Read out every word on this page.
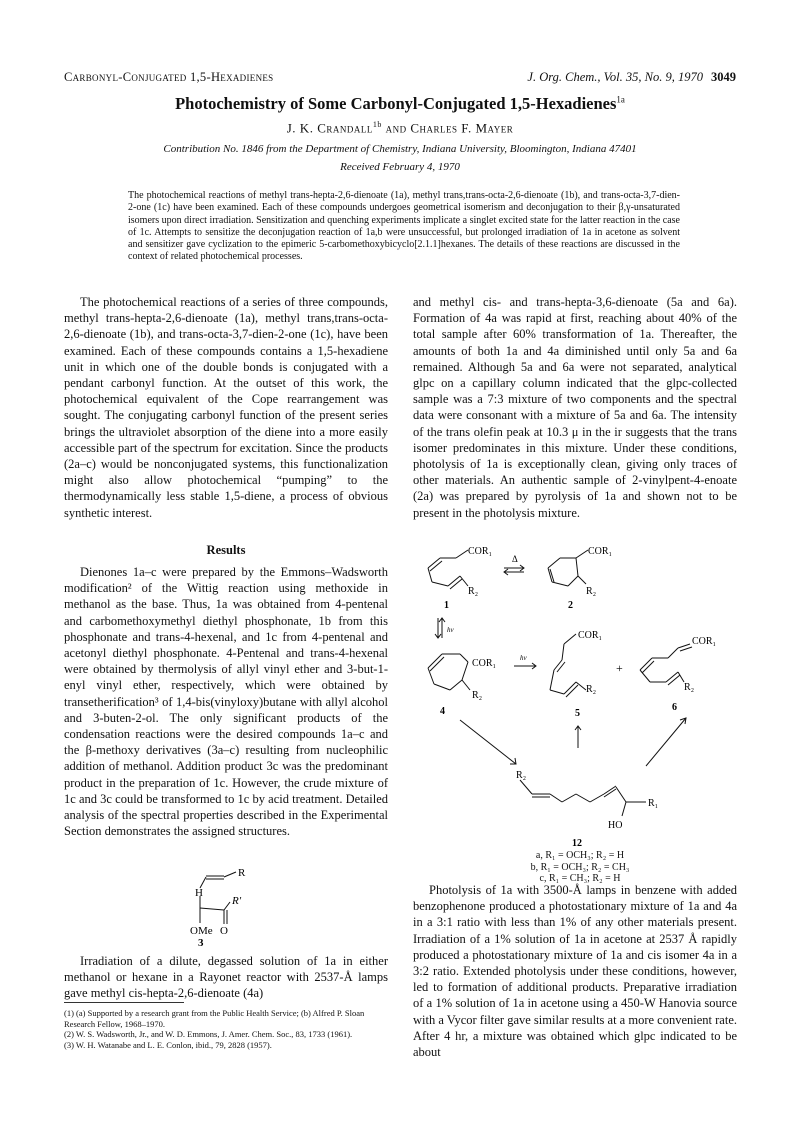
Carbonyl-Conjugated 1,5-Hexadienes	J. Org. Chem., Vol. 35, No. 9, 1970 3049
Photochemistry of Some Carbonyl-Conjugated 1,5-Hexadienes$^{1a}$
J. K. Crandall$^{1b}$ and Charles F. Mayer
Contribution No. 1846 from the Department of Chemistry, Indiana University, Bloomington, Indiana 47401
Received February 4, 1970
The photochemical reactions of methyl trans-hepta-2,6-dienoate (1a), methyl trans,trans-octa-2,6-dienoate (1b), and trans-octa-3,7-dien-2-one (1c) have been examined. Each of these compounds undergoes geometrical isomerism and deconjugation to their β,γ-unsaturated isomers upon direct irradiation. Sensitization and quenching experiments implicate a singlet excited state for the latter reaction in the case of 1c. Attempts to sensitize the deconjugation reaction of 1a,b were unsuccessful, but prolonged irradiation of 1a in acetone as solvent and sensitizer gave cyclization to the epimeric 5-carbomethoxybicyclo[2.1.1]hexanes. The details of these reactions are discussed in the context of related photochemical processes.

The photochemical reactions of a series of three compounds, methyl trans-hepta-2,6-dienoate (1a), methyl trans,trans-octa-2,6-dienoate (1b), and trans-octa-3,7-dien-2-one (1c), have been examined. Each of these compounds contains a 1,5-hexadiene unit in which one of the double bonds is conjugated with a pendant carbonyl function. At the outset of this work, the photochemical equivalent of the Cope rearrangement was sought. The conjugating carbonyl function of the present series brings the ultraviolet absorption of the diene into a more easily accessible part of the spectrum for excitation. Since the products (2a–c) would be nonconjugated systems, this functionalization might also allow photochemical “pumping” to the thermodynamically less stable 1,5-diene, a process of obvious synthetic interest.

Results

Dienones 1a–c were prepared by the Emmons–Wadsworth modification² of the Wittig reaction using methoxide in methanol as the base. Thus, 1a was obtained from 4-pentenal and carbomethoxymethyl diethyl phosphonate, 1b from this phosphonate and trans-4-hexenal, and 1c from 4-pentenal and acetonyl diethyl phosphonate. 4-Pentenal and trans-4-hexenal were obtained by thermolysis of allyl vinyl ether and 3-but-1-enyl vinyl ether, respectively, which were obtained by transetherification³ of 1,4-bis(vinyloxy)butane with allyl alcohol and 3-buten-2-ol. The only significant products of the condensation reactions were the desired compounds 1a–c and the β-methoxy derivatives (3a–c) resulting from nucleophilic addition of methanol. Addition product 3c was the predominant product in the preparation of 1c. However, the crude mixture of 1c and 3c could be transformed to 1c by acid treatment. Detailed analysis of the spectral properties described in the Experimental Section demonstrates the assigned structures.

R
R′
H
OMe O
3

Irradiation of a dilute, degassed solution of 1a in either methanol or hexane in a Rayonet reactor with 2537-Å lamps gave methyl cis-hepta-2,6-dienoate (4a)

(1) (a) Supported by a research grant from the Public Health Service; (b) Alfred P. Sloan Research Fellow, 1968–1970.
(2) W. S. Wadsworth, Jr., and W. D. Emmons, J. Amer. Chem. Soc., 83, 1733 (1961).
(3) W. H. Watanabe and L. E. Conlon, ibid., 79, 2828 (1957).

and methyl cis- and trans-hepta-3,6-dienoate (5a and 6a). Formation of 4a was rapid at first, reaching about 40% of the total sample after 60% transformation of 1a. Thereafter, the amounts of both 1a and 4a diminished until only 5a and 6a remained. Although 5a and 6a were not separated, analytical glpc on a capillary column indicated that the glpc-collected sample was a 7:3 mixture of two components and the spectral data were consonant with a mixture of 5a and 6a. The intensity of the trans olefin peak at 10.3 μ in the ir suggests that the trans isomer predominates in this mixture. Under these conditions, photolysis of 1a is exceptionally clean, giving only traces of other materials. An authentic sample of 2-vinylpent-4-enoate (2a) was prepared by pyrolysis of 1a and shown not to be present in the photolysis mixture.

COR₁
R₂
1
Δ
COR₁
R₂
2
hν
COR₁
R₂
4
hν
COR₁
R₂
5
+
COR₁
R₂
6
R₂
R₁
HO
12
a, R₁ = OCH₃; R₂ = H
b, R₁ = OCH₃; R₂ = CH₃
c, R₁ = CH₃; R₂ = H

Photolysis of 1a with 3500-Å lamps in benzene with added benzophenone produced a photostationary mixture of 1a and 4a in a 3:1 ratio with less than 1% of any other materials present. Irradiation of a 1% solution of 1a in acetone at 2537 Å rapidly produced a photostationary mixture of 1a and cis isomer 4a in a 3:2 ratio. Extended photolysis under these conditions, however, led to formation of additional products. Preparative irradiation of a 1% solution of 1a in acetone using a 450-W Hanovia source with a Vycor filter gave similar results at a more convenient rate. After 4 hr, a mixture was obtained which glpc indicated to be about
